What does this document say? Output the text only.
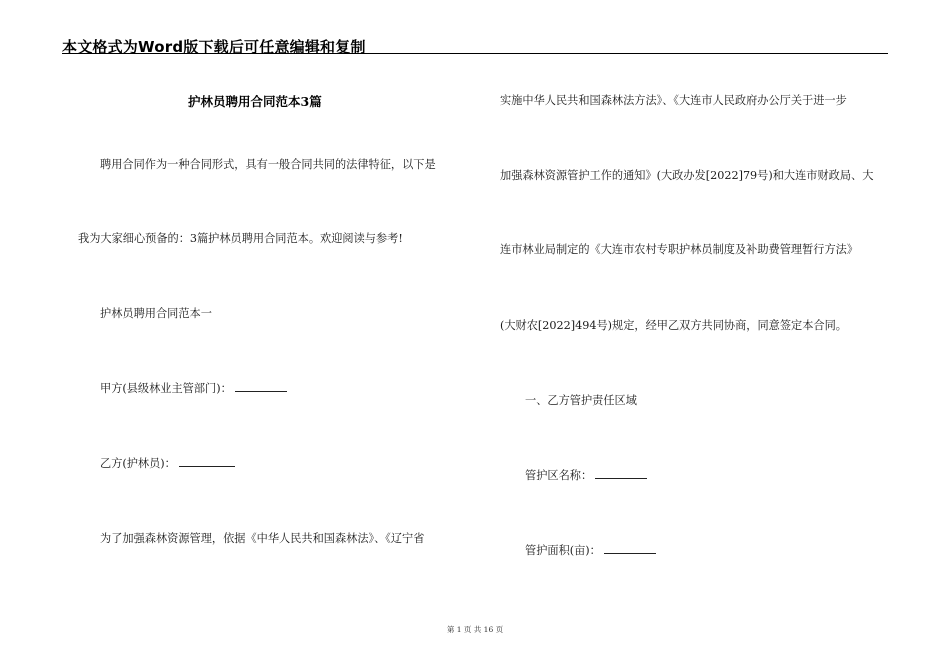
本文格式为Word版下载后可任意编辑和复制
护林员聘用合同范本3篇
聘用合同作为一种合同形式，具有一般合同共同的法律特征，以下是
我为大家细心预备的：3篇护林员聘用合同范本。欢迎阅读与参考!
护林员聘用合同范本一
甲方(县级林业主管部门)：
乙方(护林员)：
为了加强森林资源管理，依据《中华人民共和国森林法》、《辽宁省
实施中华人民共和国森林法方法》、《大连市人民政府办公厅关于进一步
加强森林资源管护工作的通知》(大政办发[2022]79号)和大连市财政局、大
连市林业局制定的《大连市农村专职护林员制度及补助费管理暂行方法》
(大财农[2022]494号)规定，经甲乙双方共同协商，同意签定本合同。
一、乙方管护责任区域
管护区名称：
管护面积(亩)：
第 1 页 共 16 页
